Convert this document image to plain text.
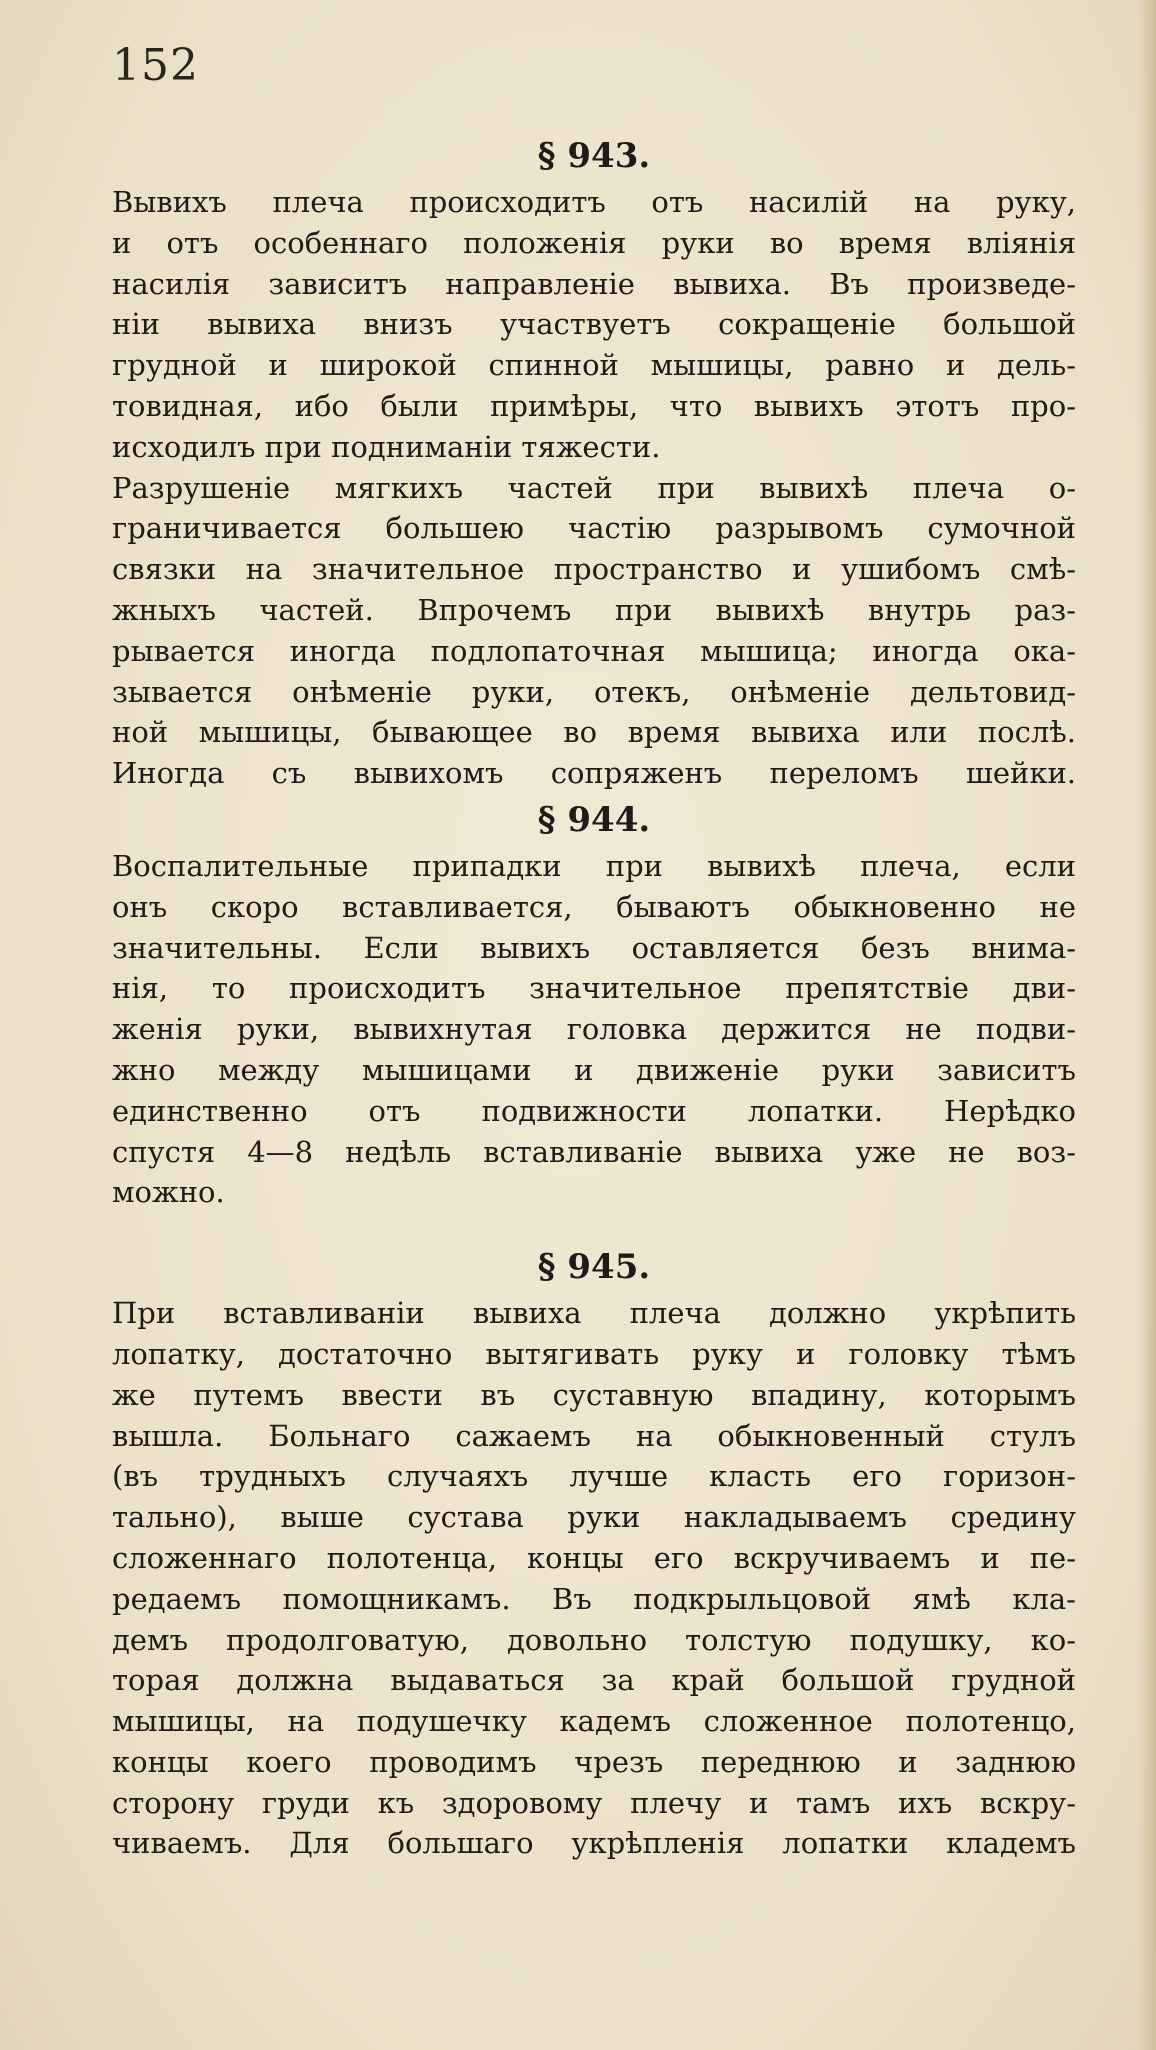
152
§ 943.

Вывихъ плеча происходитъ отъ насилій на руку,
и отъ особеннаго положенія руки во время вліянія
насилія зависитъ направленіе вывиха. Въ произведе-
ніи вывиха внизъ участвуетъ сокращеніе большой
грудной и широкой спинной мышицы, равно и дель-
товидная, ибо были примѣры, что вывихъ этотъ про-
исходилъ при подниманіи тяжести.

Разрушеніе мягкихъ частей при вывихѣ плеча о-
граничивается большею частію разрывомъ сумочной
связки на значительное пространство и ушибомъ смѣ-
жныхъ частей. Впрочемъ при вывихѣ внутрь раз-
рывается иногда подлопаточная мышица; иногда ока-
зывается онѣменіе руки, отекъ, онѣменіе дельтовид-
ной мышицы, бывающее во время вывиха или послѣ.
Иногда съ вывихомъ сопряженъ переломъ шейки.

§ 944.

Воспалительные припадки при вывихѣ плеча, если
онъ скоро вставливается, бываютъ обыкновенно не
значительны. Если вывихъ оставляется безъ внима-
нія, то происходитъ значительное препятствіе дви-
женія руки, вывихнутая головка держится не подви-
жно между мышицами и движеніе руки зависитъ
единственно отъ подвижности лопатки. Нерѣдко
спустя 4—8 недѣль вставливаніе вывиха уже не воз-
можно.

§ 945.

При вставливаніи вывиха плеча должно укрѣпить
лопатку, достаточно вытягивать руку и головку тѣмъ
же путемъ ввести въ суставную впадину, которымъ
вышла. Больнаго сажаемъ на обыкновенный стулъ
(въ трудныхъ случаяхъ лучше класть его горизон-
тально), выше сустава руки накладываемъ средину
сложеннаго полотенца, концы его вскручиваемъ и пе-
редаемъ помощникамъ. Въ подкрыльцовой ямѣ кла-
демъ продолговатую, довольно толстую подушку, ко-
торая должна выдаваться за край большой грудной
мышицы, на подушечку кадемъ сложенное полотенцо,
концы коего проводимъ чрезъ переднюю и заднюю
сторону груди къ здоровому плечу и тамъ ихъ вскру-
чиваемъ. Для большаго укрѣпленія лопатки кладемъ
